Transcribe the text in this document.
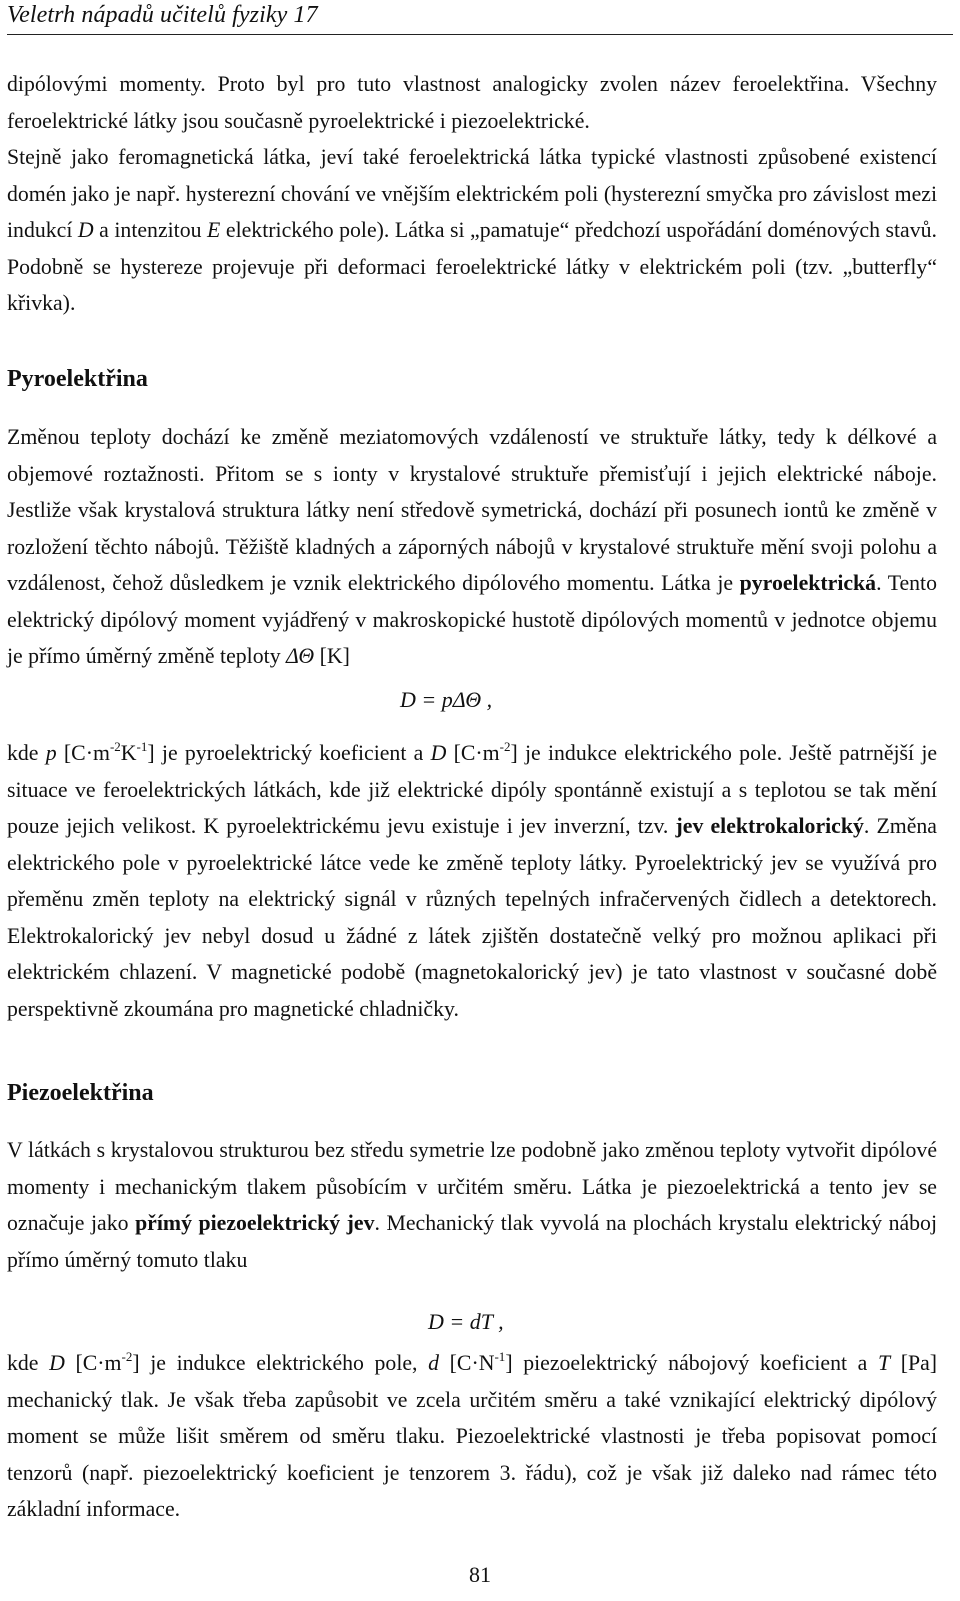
Veletrh nápadů učitelů fyziky 17

dipólovými momenty. Proto byl pro tuto vlastnost analogicky zvolen název feroelektřina. Všechny feroelektrické látky jsou současně pyroelektrické i piezoelektrické.

Stejně jako feromagnetická látka, jeví také feroelektrická látka typické vlastnosti způsobené existencí domén jako je např. hysterezní chování ve vnějším elektrickém poli (hysterezní smyčka pro závislost mezi indukcí D a intenzitou E elektrického pole). Látka si „pamatuje“ předchozí uspořádání doménových stavů. Podobně se hystereze projevuje při deformaci feroelektrické látky v elektrickém poli (tzv. „butterfly“ křivka).

Pyroelektřina

Změnou teploty dochází ke změně meziatomových vzdáleností ve struktuře látky, tedy k délkové a objemové roztažnosti. Přitom se s ionty v krystalové struktuře přemisťují i jejich elektrické náboje. Jestliže však krystalová struktura látky není středově symetrická, dochází při posunech iontů ke změně v rozložení těchto nábojů. Těžiště kladných a záporných nábojů v krystalové struktuře mění svoji polohu a vzdálenost, čehož důsledkem je vznik elektrického dipólového momentu. Látka je pyroelektrická. Tento elektrický dipólový moment vyjádřený v makroskopické hustotě dipólových momentů v jednotce objemu je přímo úměrný změně teploty ΔΘ [K]

D = pΔΘ ,

kde p $[C\cdot m^{-2}K^{-1}]$ je pyroelektrický koeficient a D $[C\cdot m^{-2}]$ je indukce elektrického pole. Ještě patrnější je situace ve feroelektrických látkách, kde již elektrické dipóly spontánně existují a s teplotou se tak mění pouze jejich velikost. K pyroelektrickému jevu existuje i jev inverzní, tzv. jev elektrokalorický. Změna elektrického pole v pyroelektrické látce vede ke změně teploty látky. Pyroelektrický jev se využívá pro přeměnu změn teploty na elektrický signál v různých tepelných infračervených čidlech a detektorech. Elektrokalorický jev nebyl dosud u žádné z látek zjištěn dostatečně velký pro možnou aplikaci při elektrickém chlazení. V magnetické podobě (magnetokalorický jev) je tato vlastnost v současné době perspektivně zkoumána pro magnetické chladničky.

Piezoelektřina

V látkách s krystalovou strukturou bez středu symetrie lze podobně jako změnou teploty vytvořit dipólové momenty i mechanickým tlakem působícím v určitém směru. Látka je piezoelektrická a tento jev se označuje jako přímý piezoelektrický jev. Mechanický tlak vyvolá na plochách krystalu elektrický náboj přímo úměrný tomuto tlaku

D = dT ,

kde D $[C\cdot m^{-2}]$ je indukce elektrického pole, d $[C\cdot N^{-1}]$ piezoelektrický nábojový koeficient a T [Pa] mechanický tlak. Je však třeba zapůsobit ve zcela určitém směru a také vznikající elektrický dipólový moment se může lišit směrem od směru tlaku. Piezoelektrické vlastnosti je třeba popisovat pomocí tenzorů (např. piezoelektrický koeficient je tenzorem 3. řádu), což je však již daleko nad rámec této základní informace.

81
